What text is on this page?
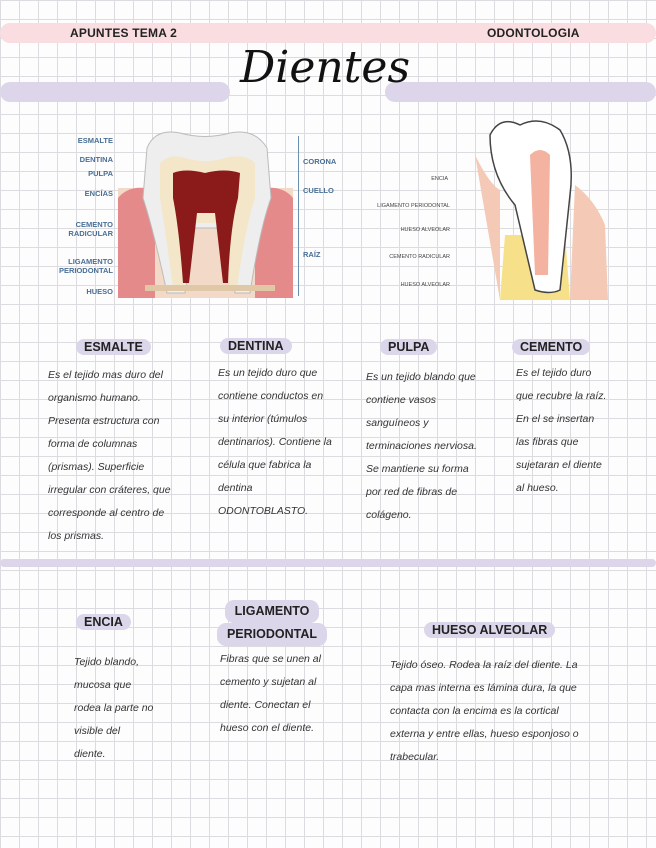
APUNTES TEMA 2	ODONTOLOGIA
Dientes
ESMALTE
DENTINA
PULPA
ENCÍAS
CEMENTO RADICULAR
LIGAMENTO PERIODONTAL
HUESO
CORONA
CUELLO
RAÍZ
ENCIA
LIGAMENTO PERIODONTAL
HUESO ALVEOLAR
CEMENTO RADICULAR
HUESO ALVEOLAR
ESMALTE	DENTINA	PULPA	CEMENTO
Es el tejido mas duro del organismo humano. Presenta estructura con forma de columnas (prismas). Superficie irregular con cráteres, que corresponde al centro de los prismas.
Es un tejido duro que contiene conductos en su interior (túmulos dentinarios). Contiene la célula que fabrica la dentina ODONTOBLASTO.
Es un tejido blando que contiene vasos sanguíneos y terminaciones nerviosa. Se mantiene su forma por red de fibras de colágeno.
Es el tejido duro que recubre la raíz. En el se insertan las fibras que sujetaran el diente al hueso.
ENCIA
LIGAMENTO
PERIODONTAL	HUESO ALVEOLAR
Tejido blando, mucosa que rodea la parte no visible del diente.
Fibras que se unen al cemento y sujetan al diente. Conectan el hueso con el diente.
Tejido óseo. Rodea la raíz del diente. La capa mas interna es lámina dura, la que contacta con la encima es la cortical externa y entre ellas, hueso esponjoso o trabecular.
